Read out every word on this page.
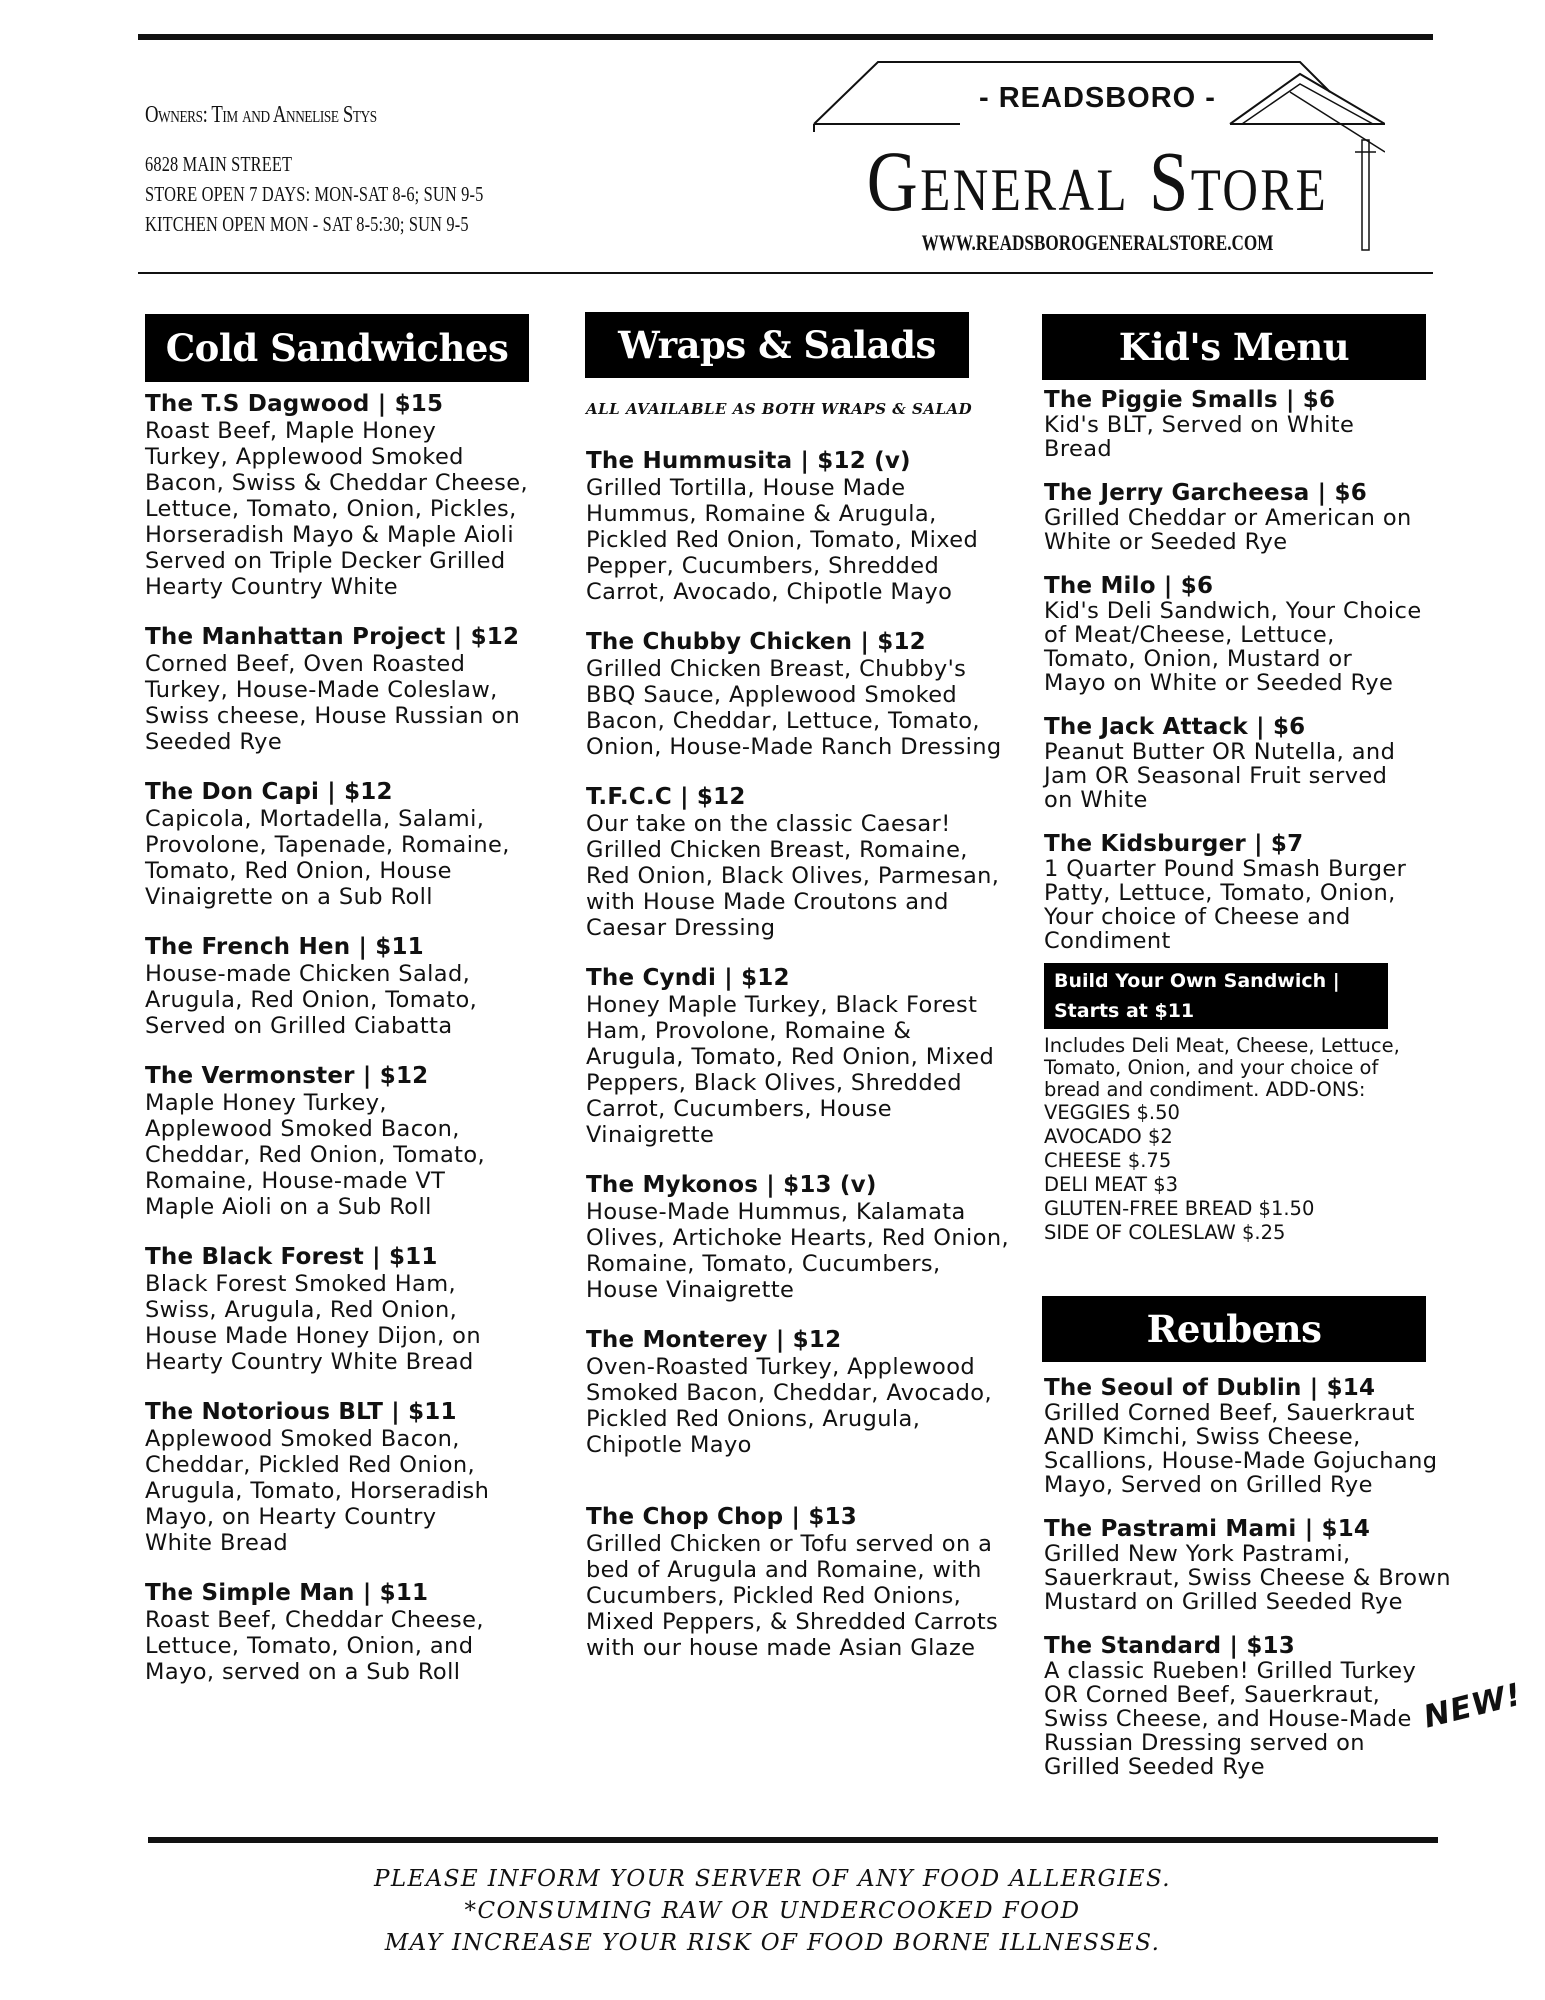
Owners: Tim and Annelise Stys
6828 MAIN STREET
STORE OPEN 7 DAYS: MON-SAT 8-6; SUN 9-5
KITCHEN OPEN MON - SAT 8-5:30; SUN 9-5
- READSBORO -
General Store
WWW.READSBOROGENERALSTORE.COM
Cold Sandwiches	Wraps & Salads	Kid's Menu
The T.S Dagwood | $15
Roast Beef, Maple Honey
Turkey, Applewood Smoked
Bacon, Swiss & Cheddar Cheese,
Lettuce, Tomato, Onion, Pickles,
Horseradish Mayo & Maple Aioli
Served on Triple Decker Grilled
Hearty Country White
The Manhattan Project | $12
Corned Beef, Oven Roasted
Turkey, House-Made Coleslaw,
Swiss cheese, House Russian on
Seeded Rye
The Don Capi | $12
Capicola, Mortadella, Salami,
Provolone, Tapenade, Romaine,
Tomato, Red Onion, House
Vinaigrette on a Sub Roll
The French Hen | $11
House-made Chicken Salad,
Arugula, Red Onion, Tomato,
Served on Grilled Ciabatta
The Vermonster | $12
Maple Honey Turkey,
Applewood Smoked Bacon,
Cheddar, Red Onion, Tomato,
Romaine, House-made VT
Maple Aioli on a Sub Roll
The Black Forest | $11
Black Forest Smoked Ham,
Swiss, Arugula, Red Onion,
House Made Honey Dijon, on
Hearty Country White Bread
The Notorious BLT | $11
Applewood Smoked Bacon,
Cheddar, Pickled Red Onion,
Arugula, Tomato, Horseradish
Mayo, on Hearty Country
White Bread
The Simple Man | $11
Roast Beef, Cheddar Cheese,
Lettuce, Tomato, Onion, and
Mayo, served on a Sub Roll
ALL AVAILABLE AS BOTH WRAPS & SALAD
The Hummusita | $12 (v)
Grilled Tortilla, House Made
Hummus, Romaine & Arugula,
Pickled Red Onion, Tomato, Mixed
Pepper, Cucumbers, Shredded
Carrot, Avocado, Chipotle Mayo
The Chubby Chicken | $12
Grilled Chicken Breast, Chubby's
BBQ Sauce, Applewood Smoked
Bacon, Cheddar, Lettuce, Tomato,
Onion, House-Made Ranch Dressing
T.F.C.C | $12
Our take on the classic Caesar!
Grilled Chicken Breast, Romaine,
Red Onion, Black Olives, Parmesan,
with House Made Croutons and
Caesar Dressing
The Cyndi | $12
Honey Maple Turkey, Black Forest
Ham, Provolone, Romaine &
Arugula, Tomato, Red Onion, Mixed
Peppers, Black Olives, Shredded
Carrot, Cucumbers, House
Vinaigrette
The Mykonos | $13 (v)
House-Made Hummus, Kalamata
Olives, Artichoke Hearts, Red Onion,
Romaine, Tomato, Cucumbers,
House Vinaigrette
The Monterey | $12
Oven-Roasted Turkey, Applewood
Smoked Bacon, Cheddar, Avocado,
Pickled Red Onions, Arugula,
Chipotle Mayo
The Chop Chop | $13
Grilled Chicken or Tofu served on a
bed of Arugula and Romaine, with
Cucumbers, Pickled Red Onions,
Mixed Peppers, & Shredded Carrots
with our house made Asian Glaze
The Piggie Smalls | $6
Kid's BLT, Served on White
Bread
The Jerry Garcheesa | $6
Grilled Cheddar or American on
White or Seeded Rye
The Milo | $6
Kid's Deli Sandwich, Your Choice
of Meat/Cheese, Lettuce,
Tomato, Onion, Mustard or
Mayo on White or Seeded Rye
The Jack Attack | $6
Peanut Butter OR Nutella, and
Jam OR Seasonal Fruit served
on White
The Kidsburger | $7
1 Quarter Pound Smash Burger
Patty, Lettuce, Tomato, Onion,
Your choice of Cheese and
Condiment
Build Your Own Sandwich |
Starts at $11
Includes Deli Meat, Cheese, Lettuce,
Tomato, Onion, and your choice of
bread and condiment. ADD-ONS:
VEGGIES $.50
AVOCADO $2
CHEESE $.75
DELI MEAT $3
GLUTEN-FREE BREAD $1.50
SIDE OF COLESLAW $.25
Reubens
The Seoul of Dublin | $14
Grilled Corned Beef, Sauerkraut
AND Kimchi, Swiss Cheese,
Scallions, House-Made Gojuchang
Mayo, Served on Grilled Rye
The Pastrami Mami | $14
Grilled New York Pastrami,
Sauerkraut, Swiss Cheese & Brown
Mustard on Grilled Seeded Rye
The Standard | $13
A classic Rueben! Grilled Turkey
OR Corned Beef, Sauerkraut,
Swiss Cheese, and House-Made
Russian Dressing served on
Grilled Seeded Rye
NEW!
PLEASE INFORM YOUR SERVER OF ANY FOOD ALLERGIES.
*CONSUMING RAW OR UNDERCOOKED FOOD
MAY INCREASE YOUR RISK OF FOOD BORNE ILLNESSES.
